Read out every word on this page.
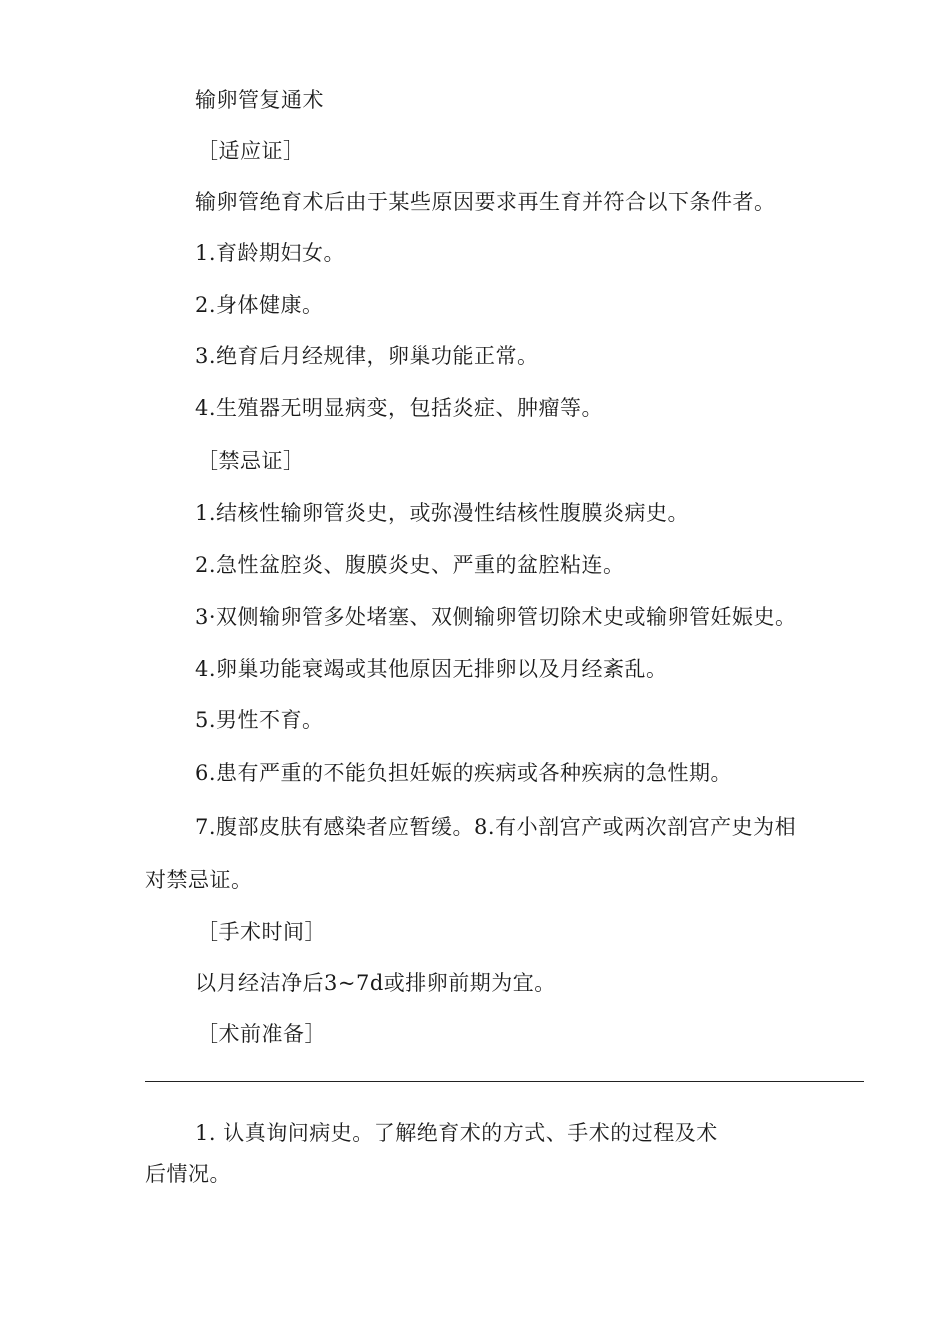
输卵管复通术
［适应证］
输卵管绝育术后由于某些原因要求再生育并符合以下条件者。
1.育龄期妇女。
2.身体健康。
3.绝育后月经规律，卵巢功能正常。
4.生殖器无明显病变，包括炎症、肿瘤等。
［禁忌证］
1.结核性输卵管炎史，或弥漫性结核性腹膜炎病史。
2.急性盆腔炎、腹膜炎史、严重的盆腔粘连。
3·双侧输卵管多处堵塞、双侧输卵管切除术史或输卵管妊娠史。
4.卵巢功能衰竭或其他原因无排卵以及月经紊乱。
5.男性不育。
6.患有严重的不能负担妊娠的疾病或各种疾病的急性期。
7.腹部皮肤有感染者应暂缓。8.有小剖宫产或两次剖宫产史为相
对禁忌证。
［手术时间］
以月经洁净后3~7d或排卵前期为宜。
［术前准备］
1. 认真询问病史。了解绝育术的方式、手术的过程及术
后情况。
